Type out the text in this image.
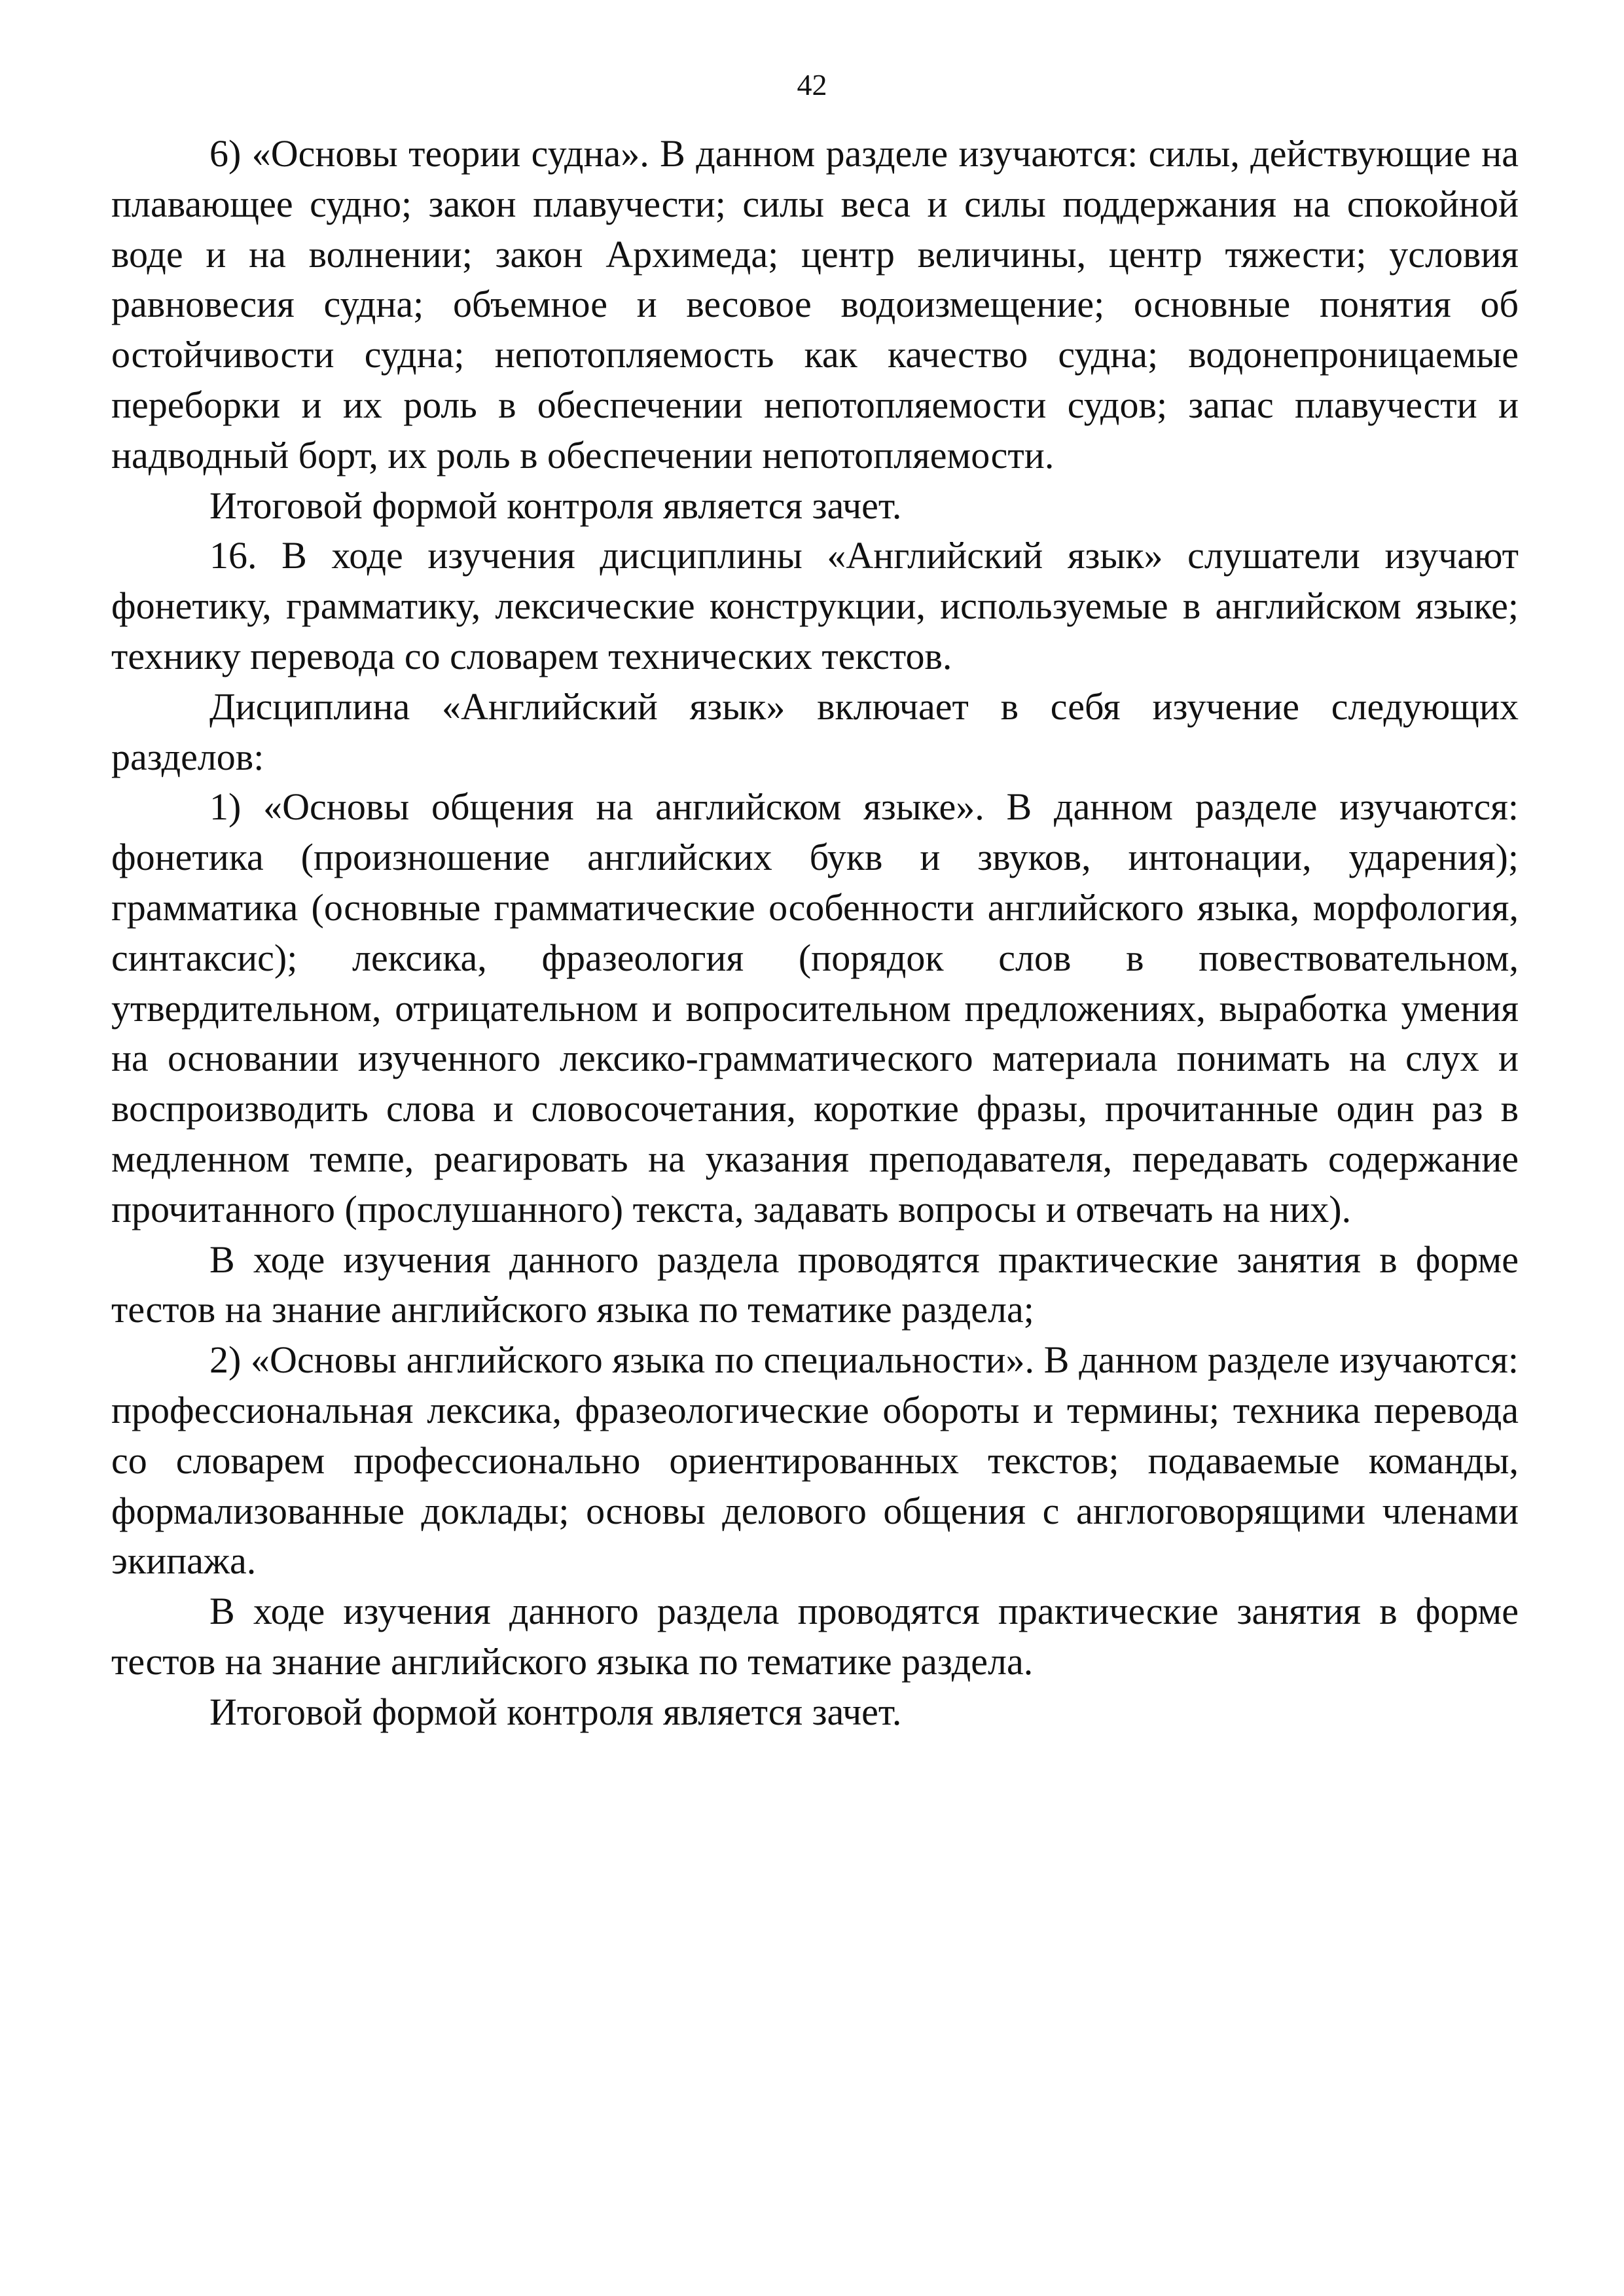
42

6) «Основы теории судна». В данном разделе изучаются: силы, действующие на плавающее судно; закон плавучести; силы веса и силы поддержания на спокойной воде и на волнении; закон Архимеда; центр величины, центр тяжести; условия равновесия судна; объемное и весовое водоизмещение; основные понятия об остойчивости судна; непотопляемость как качество судна; водонепроницаемые переборки и их роль в обеспечении непотопляемости судов; запас плавучести и надводный борт, их роль в обеспечении непотопляемости.

Итоговой формой контроля является зачет.

16. В ходе изучения дисциплины «Английский язык» слушатели изучают фонетику, грамматику, лексические конструкции, используемые в английском языке; технику перевода со словарем технических текстов.

Дисциплина «Английский язык» включает в себя изучение следующих разделов:

1) «Основы общения на английском языке». В данном разделе изучаются: фонетика (произношение английских букв и звуков, интонации, ударения); грамматика (основные грамматические особенности английского языка, морфология, синтаксис); лексика, фразеология (порядок слов в повествовательном, утвердительном, отрицательном и вопросительном предложениях, выработка умения на основании изученного лексико-грамматического материала понимать на слух и воспроизводить слова и словосочетания, короткие фразы, прочитанные один раз в медленном темпе, реагировать на указания преподавателя, передавать содержание прочитанного (прослушанного) текста, задавать вопросы и отвечать на них).

В ходе изучения данного раздела проводятся практические занятия в форме тестов на знание английского языка по тематике раздела;

2) «Основы английского языка по специальности». В данном разделе изучаются: профессиональная лексика, фразеологические обороты и термины; техника перевода со словарем профессионально ориентированных текстов; подаваемые команды, формализованные доклады; основы делового общения с англоговорящими членами экипажа.

В ходе изучения данного раздела проводятся практические занятия в форме тестов на знание английского языка по тематике раздела.

Итоговой формой контроля является зачет.
